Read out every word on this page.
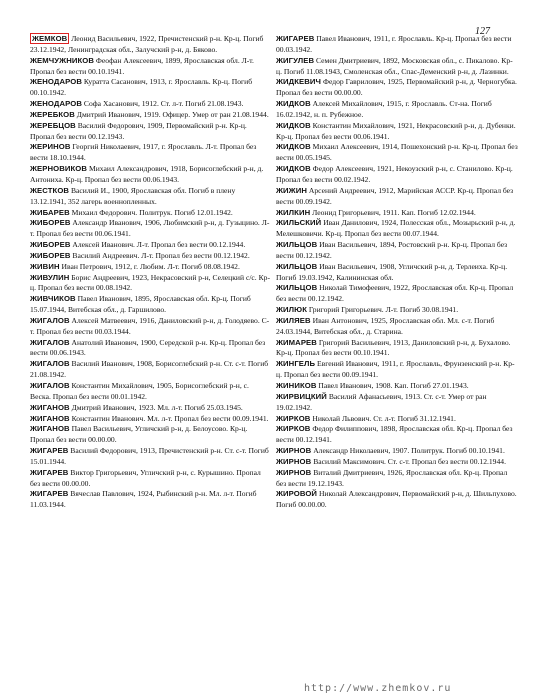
127

ЖЕМКОВ Леонид Васильевич, 1922, Пречистенский р-н. Кр-ц. Погиб 23.12.1942, Ленинградская обл., Залучский р-н, д. Бяково.

ЖЕМЧУЖНИКОВ Феофан Алексеевич, 1899, Ярославская обл. Л-т. Пропал без вести 00.10.1941.

ЖЕНОДАРОВ Куратта Сасанович, 1913, г. Ярославль. Кр-ц. Погиб 00.10.1942.

ЖЕНОДАРОВ Софа Хасанович, 1912. Ст. л-т. Погиб 21.08.1943.

ЖЕРЕБКОВ Дмитрий Иванович, 1919. Офицер. Умер от ран 21.08.1944.

ЖЕРЕБЦОВ Василий Федорович, 1909, Первомайский р-н. Кр-ц. Пропал без вести 00.12.1943.

ЖЕРИНОВ Георгий Николаевич, 1917, г. Ярославль. Л-т. Пропал без вести 18.10.1944.

ЖЕРНОВИКОВ Михаил Александрович, 1918, Борисоглебский р-н, д. Антониха. Кр-ц. Пропал без вести 00.06.1943.

ЖЕСТКОВ Василий И., 1900, Ярославская обл. Погиб в плену 13.12.1941, 352 лагерь военнопленных.

ЖИБАРЕВ Михаил Федорович. Политрук. Погиб 12.01.1942.

ЖИБОРЕВ Александр Иванович, 1906, Любимский р-н, д. Гузыцино. Л-т. Пропал без вести 00.06.1941.

ЖИБОРЕВ Алексей Иванович. Л-т. Пропал без вести 00.12.1944.

ЖИБОРЕВ Василий Андреевич. Л-т. Пропал без вести 00.12.1942.

ЖИВИН Иван Петрович, 1912, г. Любим. Л-т. Погиб 08.08.1942.

ЖИВУЛИН Борис Андреевич, 1923, Некрасовский р-н, Селецкий с/с. Кр-ц. Пропал без вести 00.08.1942.

ЖИВЧИКОВ Павел Иванович, 1895, Ярославская обл. Кр-ц. Погиб 15.07.1944, Витебская обл., д. Гаршилово.

ЖИГАЛОВ Алексей Матвеевич, 1916, Даниловский р-н, д. Голодяево. С-т. Пропал без вести 00.03.1944.

ЖИГАЛОВ Анатолий Иванович, 1900, Середской р-н. Кр-ц. Пропал без вести 00.06.1943.

ЖИГАЛОВ Василий Иванович, 1908, Борисоглебский р-н. Ст. с-т. Погиб 21.08.1942.

ЖИГАЛОВ Константин Михайлович, 1905, Борисоглебский р-н, с. Веска. Пропал без вести 00.01.1942.

ЖИГАНОВ Дмитрий Иванович, 1923. Мл. л-т. Погиб 25.03.1945.

ЖИГАНОВ Константин Иванович. Мл. л-т. Пропал без вести 00.09.1941.

ЖИГАНОВ Павел Васильевич, Угличский р-н, д. Белоусово. Кр-ц. Пропал без вести 00.00.00.

ЖИГАРЕВ Василий Федорович, 1913, Пречистенский р-н. Ст. с-т. Погиб 15.01.1944.

ЖИГАРЕВ Виктор Григорьевич, Угличский р-н, с. Курышино. Пропал без вести 00.00.00.

ЖИГАРЕВ Вячеслав Павлович, 1924, Рыбинский р-н. Мл. л-т. Погиб 11.03.1944.

ЖИГАРЕВ Павел Иванович, 1911, г. Ярославль. Кр-ц. Пропал без вести 00.03.1942.

ЖИГУЛЕВ Семен Дмитриевич, 1892, Московская обл., с. Пикалово. Кр-ц. Погиб 11.08.1943, Смоленская обл., Спас-Деменский р-н, д. Лазинки.

ЖИДКЕВИЧ Федор Гаврилович, 1925, Первомайский р-н, д. Черногубка. Пропал без вести 00.00.00.

ЖИДКОВ Алексей Михайлович, 1915, г. Ярославль. Ст-на. Погиб 16.02.1942, н. п. Рубежное.

ЖИДКОВ Константин Михайлович, 1921, Некрасовский р-н, д. Дубенки. Кр-ц. Пропал без вести 00.06.1941.

ЖИДКОВ Михаил Алексеевич, 1914, Пошехонский р-н. Кр-ц. Пропал без вести 00.05.1945.

ЖИДКОВ Федор Алексеевич, 1921, Некоузский р-н, с. Станилово. Кр-ц. Пропал без вести 00.02.1942.

ЖИЖИН Арсений Андреевич, 1912, Марийская АССР. Кр-ц. Пропал без вести 00.09.1942.

ЖИЛКИН Леонид Григорьевич, 1911. Кап. Погиб 12.02.1944.

ЖИЛЬСКИЙ Иван Данилович, 1924, Полесская обл., Мозырьский р-н, д. Мелешковичи. Кр-ц. Пропал без вести 00.07.1944.

ЖИЛЬЦОВ Иван Васильевич, 1894, Ростовский р-н. Кр-ц. Пропал без вести 00.12.1942.

ЖИЛЬЦОВ Иван Васильевич, 1908, Угличский р-н, д. Терлеиха. Кр-ц. Погиб 19.03.1942, Калининская обл.

ЖИЛЬЦОВ Николай Тимофеевич, 1922, Ярославская обл. Кр-ц. Пропал без вести 00.12.1942.

ЖИЛЮК Григорий Григорьевич. Л-т. Погиб 30.08.1941.

ЖИЛЯЕВ Иван Антонович, 1925, Ярославская обл. Мл. с-т. Погиб 24.03.1944, Витебская обл., д. Старина.

ЖИМАРЕВ Григорий Васильевич, 1913, Даниловский р-н, д. Бухалово. Кр-ц. Пропал без вести 00.10.1941.

ЖИНГЕЛЬ Евгений Иванович, 1911, г. Ярославль, Фрунзенский р-н. Кр-ц. Пропал без вести 00.09.1941.

ЖИНИКОВ Павел Иванович, 1908. Кап. Погиб 27.01.1943.

ЖИРВИЦКИЙ Василий Афанасьевич, 1913. Ст. с-т. Умер от ран 19.02.1942.

ЖИРКОВ Николай Львович. Ст. л-т. Погиб 31.12.1941.

ЖИРКОВ Федор Филиппович, 1898, Ярославская обл. Кр-ц. Пропал без вести 00.12.1941.

ЖИРНОВ Александр Николаевич, 1907. Политрук. Погиб 00.10.1941.

ЖИРНОВ Василий Максимович. Ст. с-т. Пропал без вести 00.12.1944.

ЖИРНОВ Виталий Дмитриевич, 1926, Ярославская обл. Кр-ц. Пропал без вести 19.12.1943.

ЖИРОВОЙ Николай Александрович, Первомайский р-н, д. Шильпухово. Погиб 00.00.00.

http://www.zhemkov.ru
